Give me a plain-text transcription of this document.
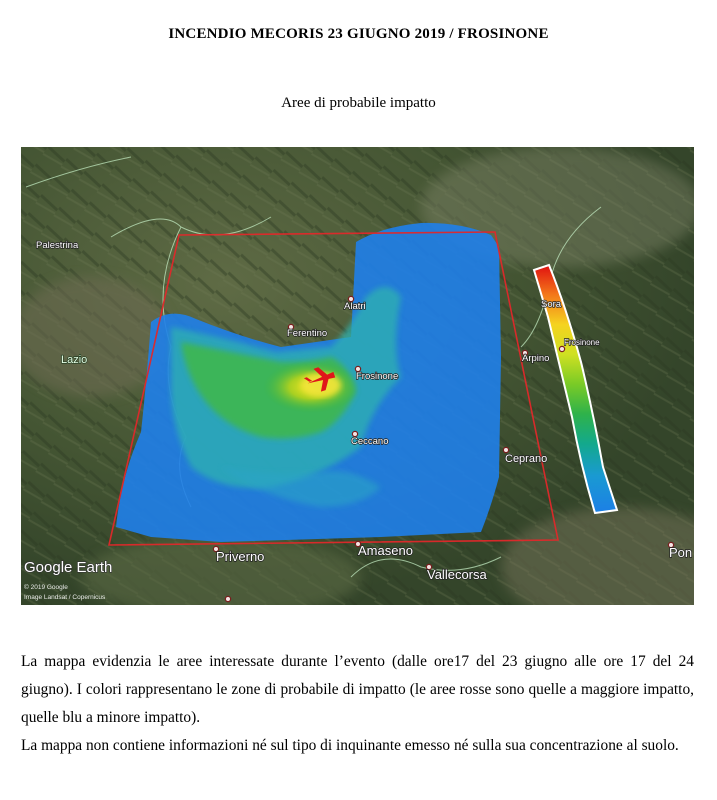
INCENDIO MECORIS 23 GIUGNO 2019 / FROSINONE
Aree di probabile impatto
Palestrina
Lazio
Alatri
Ferentino
Frosinone
Ceccano
Sora
Frosinone
Arpino
Ceprano
Priverno	Amaseno
Vallecorsa
Pon
Google Earth
© 2019 Google
Image Landsat / Copernicus

La mappa evidenzia le aree interessate durante l’evento (dalle ore17 del 23 giugno alle ore 17 del 24 giugno). I colori rappresentano le zone di probabile di impatto (le aree rosse sono quelle a maggiore impatto, quelle blu a minore impatto).

La mappa non contiene informazioni né sul tipo di inquinante emesso né sulla sua concentrazione al suolo.
